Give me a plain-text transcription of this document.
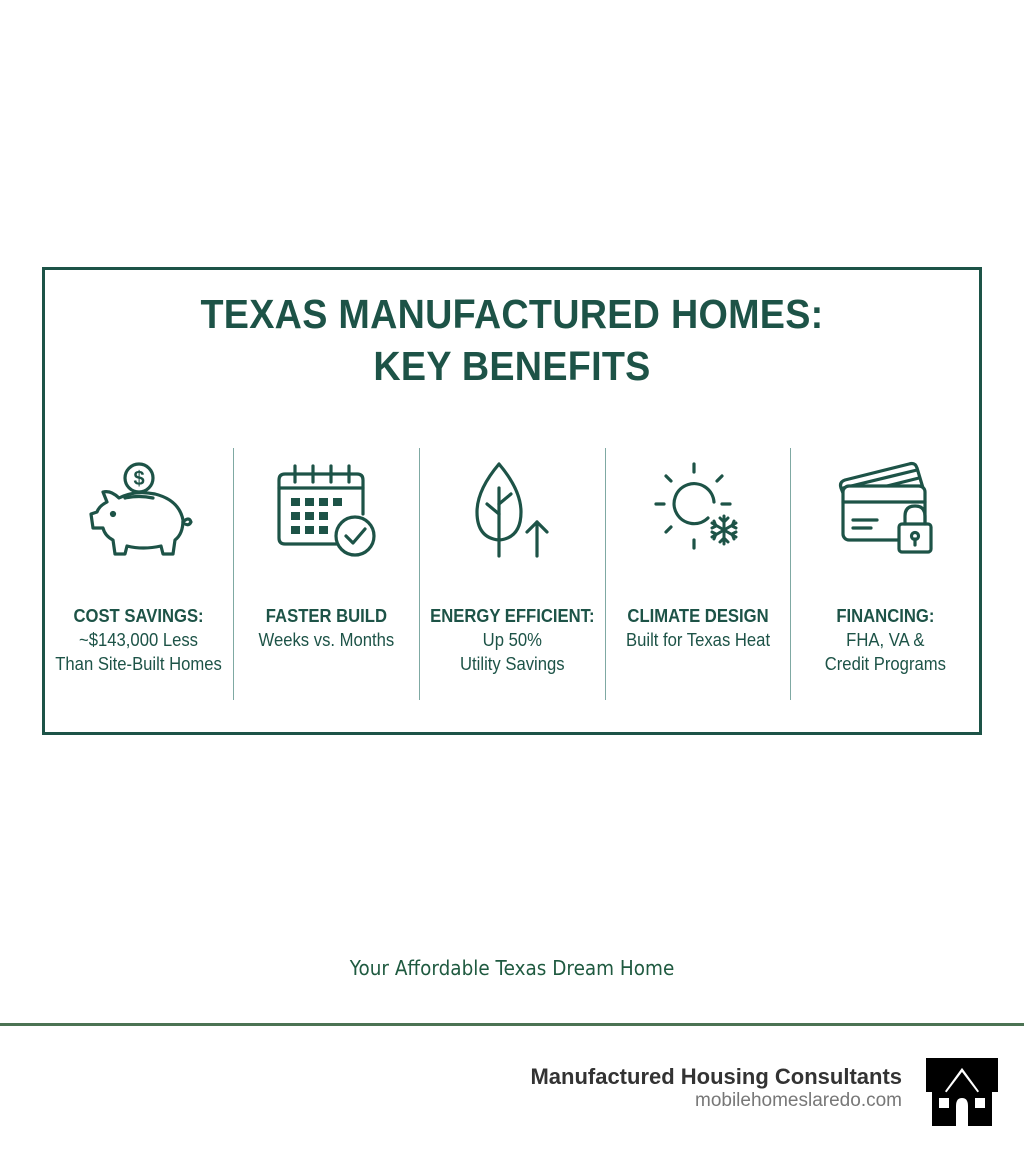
TEXAS MANUFACTURED HOMES:
KEY BENEFITS
$
COST SAVINGS:
~$143,000 Less
Than Site-Built Homes
FASTER BUILD
Weeks vs. Months
ENERGY EFFICIENT:
Up 50%
Utility Savings
CLIMATE DESIGN
Built for Texas Heat
FINANCING:
FHA, VA &
Credit Programs
Your Affordable Texas Dream Home
Manufactured Housing Consultants
mobilehomeslaredo.com
